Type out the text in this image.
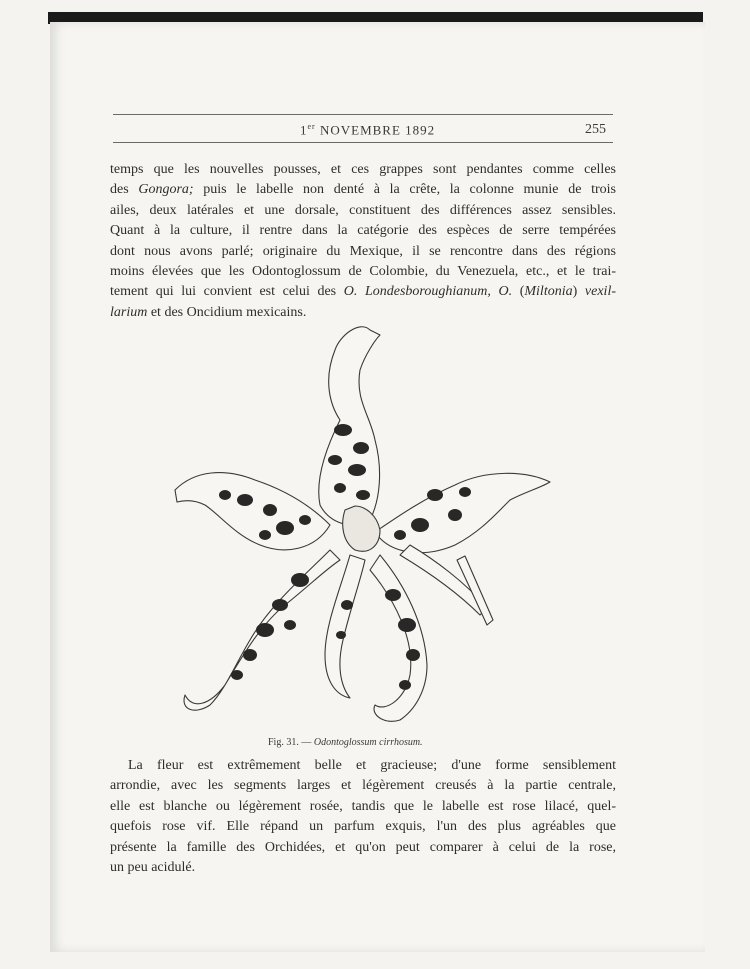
1er NOVEMBRE 1892	255
temps que les nouvelles pousses, et ces grappes sont pendantes comme celles
des Gongora; puis le labelle non denté à la crête, la colonne munie de trois
ailes, deux latérales et une dorsale, constituent des différences assez sensibles.
Quant à la culture, il rentre dans la catégorie des espèces de serre tempérées
dont nous avons parlé; originaire du Mexique, il se rencontre dans des régions
moins élevées que les Odontoglossum de Colombie, du Venezuela, etc., et le trai-
tement qui lui convient est celui des O. Londesboroughianum, O. (Miltonia) vexil-
larium et des Oncidium mexicains.
Fig. 31. — Odontoglossum cirrhosum.
La fleur est extrêmement belle et gracieuse; d'une forme sensiblement
arrondie, avec les segments larges et légèrement creusés à la partie centrale,
elle est blanche ou légèrement rosée, tandis que le labelle est rose lilacé, quel-
quefois rose vif. Elle répand un parfum exquis, l'un des plus agréables que
présente la famille des Orchidées, et qu'on peut comparer à celui de la rose,
un peu acidulé.
